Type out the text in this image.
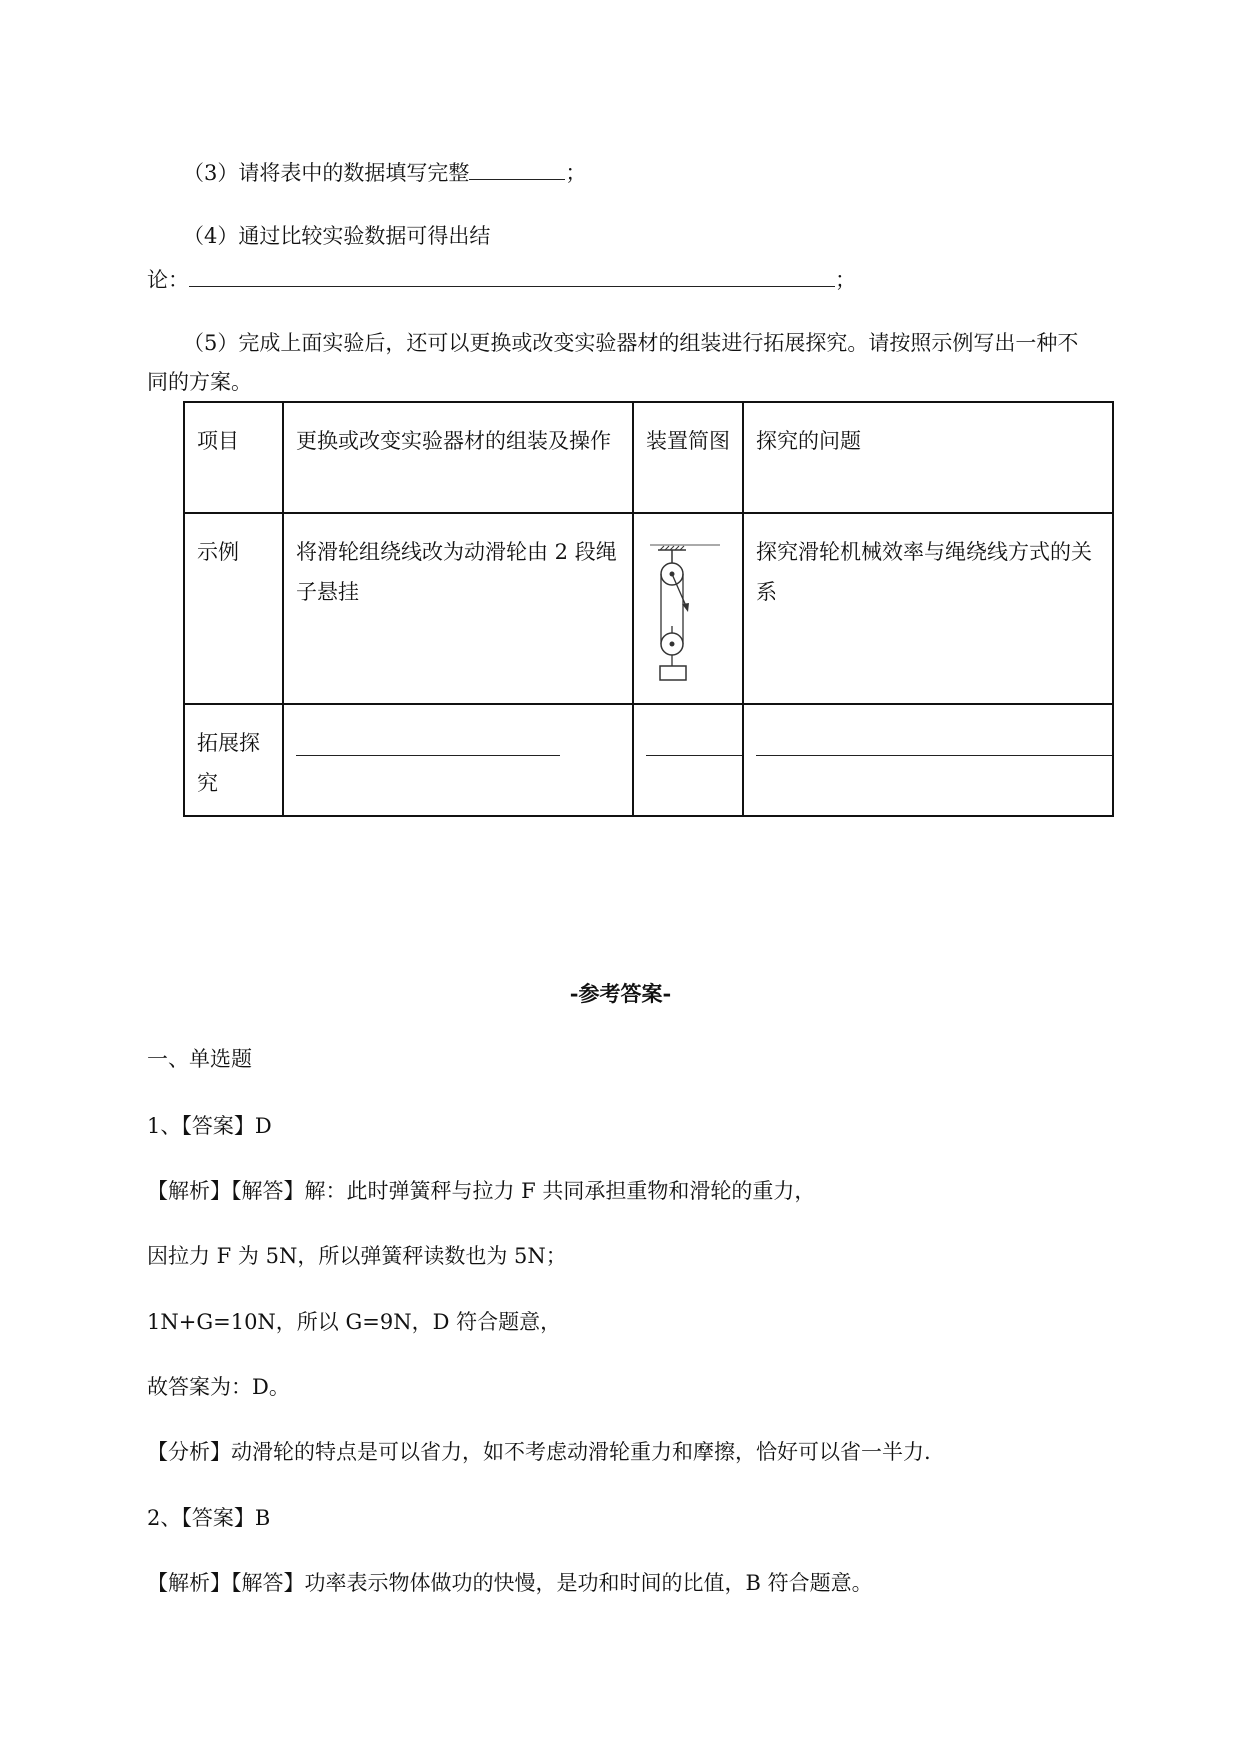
（3）请将表中的数据填写完整	；
（4）通过比较实验数据可得出结
论：	；
（5）完成上面实验后，还可以更换或改变实验器材的组装进行拓展探究。请按照示例写出一种不
同的方案。
项目	更换或改变实验器材的组装及操作	装置简图	探究的问题
示例	将滑轮组绕线改为动滑轮由 2 段绳子悬挂		探究滑轮机械效率与绳绕线方式的关系
拓展探究	

-参考答案-
一、单选题
1、【答案】D
【解析】【解答】解：此时弹簧秤与拉力 F 共同承担重物和滑轮的重力，
因拉力 F 为 5N，所以弹簧秤读数也为 5N；
1N+G=10N，所以 G=9N，D 符合题意，
故答案为：D。
【分析】动滑轮的特点是可以省力，如不考虑动滑轮重力和摩擦，恰好可以省一半力.
2、【答案】B
【解析】【解答】功率表示物体做功的快慢，是功和时间的比值，B 符合题意。
